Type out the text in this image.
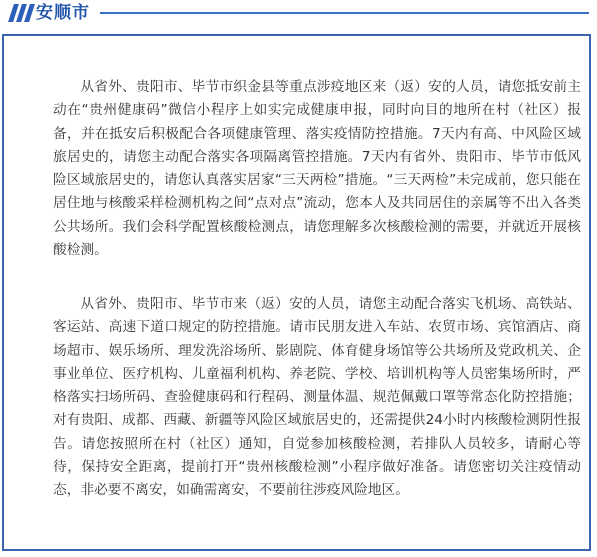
安顺市

从省外、贵阳市、毕节市织金县等重点涉疫地区来（返）安的人员，请您抵安前主动在“贵州健康码”微信小程序上如实完成健康申报，同时向目的地所在村（社区）报备，并在抵安后积极配合各项健康管理、落实疫情防控措施。7天内有高、中风险区域旅居史的，请您主动配合落实各项隔离管控措施。7天内有省外、贵阳市、毕节市低风险区域旅居史的，请您认真落实居家“三天两检”措施。“三天两检”未完成前，您只能在居住地与核酸采样检测机构之间“点对点”流动，您本人及共同居住的亲属等不出入各类公共场所。我们会科学配置核酸检测点，请您理解多次核酸检测的需要，并就近开展核酸检测。

从省外、贵阳市、毕节市来（返）安的人员，请您主动配合落实飞机场、高铁站、客运站、高速下道口规定的防控措施。请市民朋友进入车站、农贸市场、宾馆酒店、商场超市、娱乐场所、理发洗浴场所、影剧院、体育健身场馆等公共场所及党政机关、企事业单位、医疗机构、儿童福利机构、养老院、学校、培训机构等人员密集场所时，严格落实扫场所码、查验健康码和行程码、测量体温、规范佩戴口罩等常态化防控措施；对有贵阳、成都、西藏、新疆等风险区域旅居史的，还需提供24小时内核酸检测阴性报告。请您按照所在村（社区）通知，自觉参加核酸检测，若排队人员较多，请耐心等待，保持安全距离，提前打开“贵州核酸检测”小程序做好准备。请您密切关注疫情动态，非必要不离安，如确需离安，不要前往涉疫风险地区。
